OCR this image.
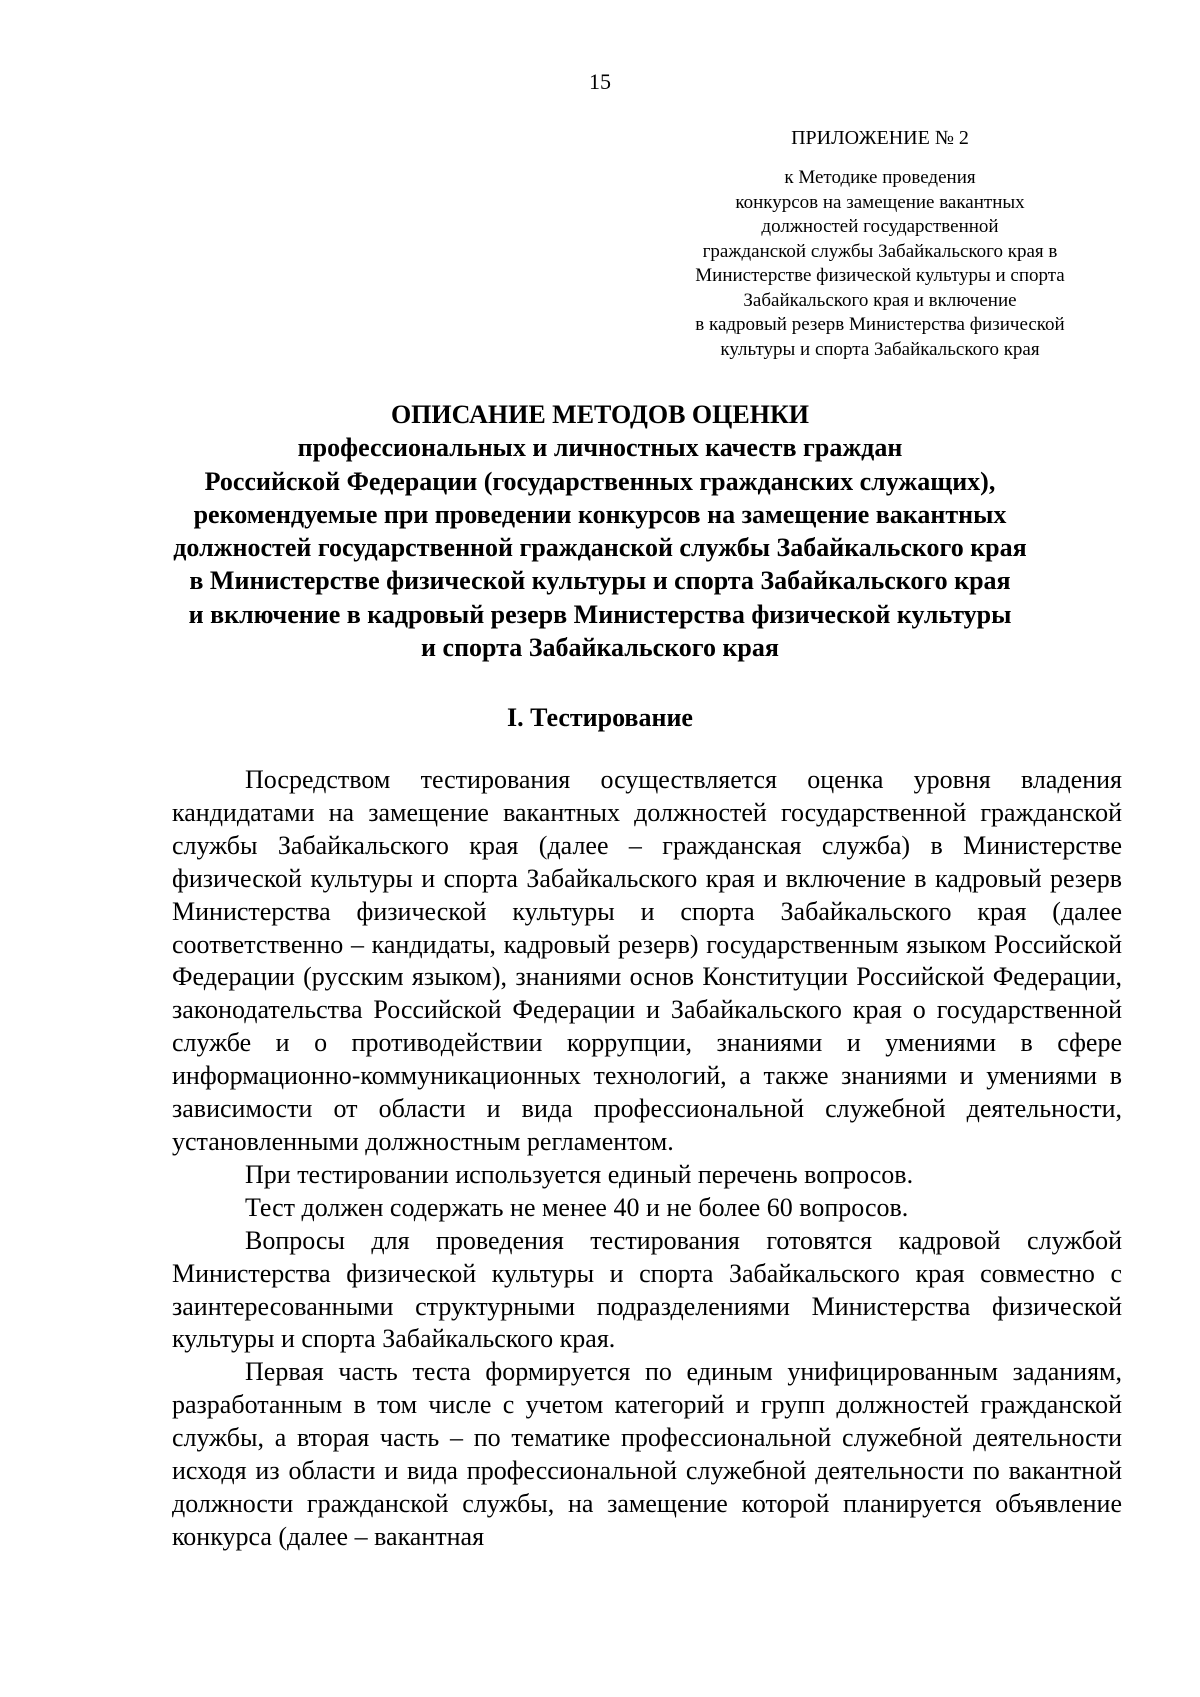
15
ПРИЛОЖЕНИЕ № 2
к Методике проведения
конкурсов на замещение вакантных
должностей государственной
гражданской службы Забайкальского края в
Министерстве физической культуры и спорта
Забайкальского края и включение
в кадровый резерв Министерства физической
культуры и спорта Забайкальского края
ОПИСАНИЕ МЕТОДОВ ОЦЕНКИ
профессиональных и личностных качеств граждан
Российской Федерации (государственных гражданских служащих),
рекомендуемые при проведении конкурсов на замещение вакантных
должностей государственной гражданской службы Забайкальского края
в Министерстве физической культуры и спорта Забайкальского края
и включение в кадровый резерв Министерства физической культуры
и спорта Забайкальского края
I. Тестирование

Посредством тестирования осуществляется оценка уровня владения кандидатами на замещение вакантных должностей государственной гражданской службы Забайкальского края (далее – гражданская служба) в Министерстве физической культуры и спорта Забайкальского края и включение в кадровый резерв Министерства физической культуры и спорта Забайкальского края (далее соответственно – кандидаты, кадровый резерв) государственным языком Российской Федерации (русским языком), знаниями основ Конституции Российской Федерации, законодательства Российской Федерации и Забайкальского края о государственной службе и о противодействии коррупции, знаниями и умениями в сфере информационно-коммуникационных технологий, а также знаниями и умениями в зависимости от области и вида профессиональной служебной деятельности, установленными должностным регламентом.

При тестировании используется единый перечень вопросов.

Тест должен содержать не менее 40 и не более 60 вопросов.

Вопросы для проведения тестирования готовятся кадровой службой Министерства физической культуры и спорта Забайкальского края совместно с заинтересованными структурными подразделениями Министерства физической культуры и спорта Забайкальского края.

Первая часть теста формируется по единым унифицированным заданиям, разработанным в том числе с учетом категорий и групп должностей гражданской службы, а вторая часть – по тематике профессиональной служебной деятельности исходя из области и вида профессиональной служебной деятельности по вакантной должности гражданской службы, на замещение которой планируется объявление конкурса (далее – вакантная
